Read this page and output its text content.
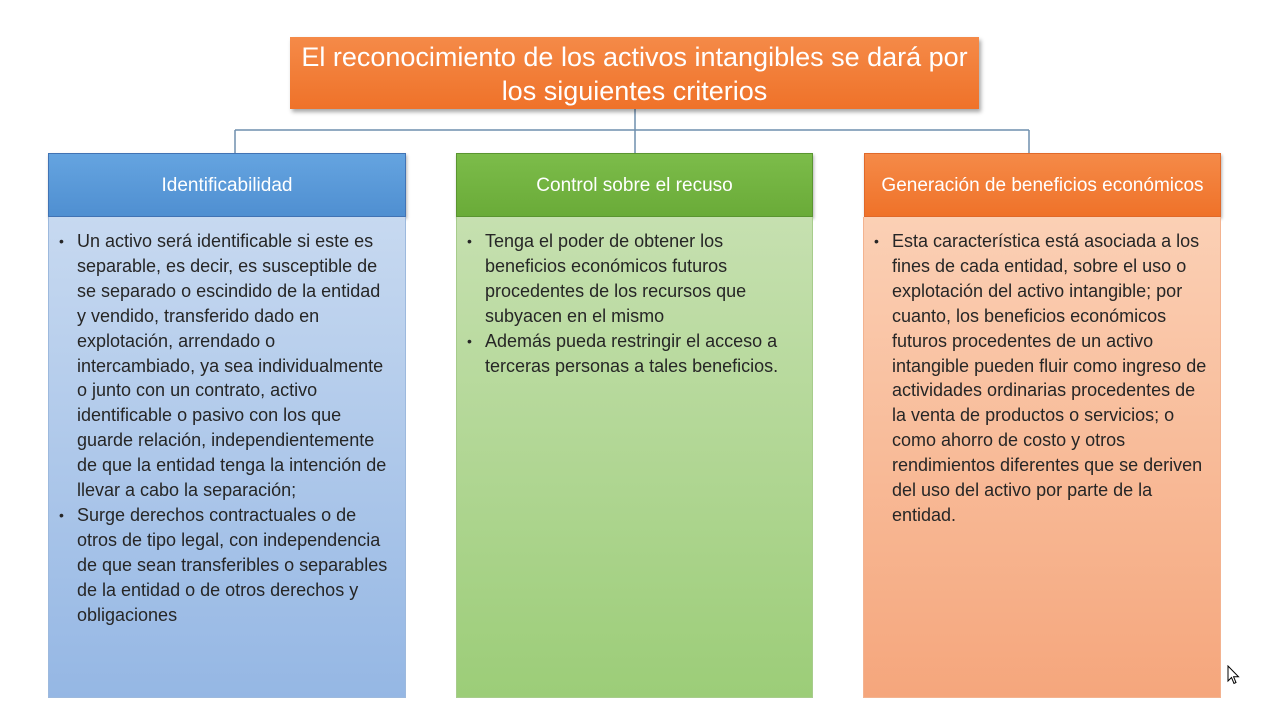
El reconocimiento de los activos intangibles se dará por los siguientes criterios
Identificabilidad
• Un activo será identificable si este es separable, es decir, es susceptible de se separado o escindido de la entidad y vendido, transferido dado en explotación, arrendado o intercambiado, ya sea individualmente o junto con un contrato, activo identificable o pasivo con los que guarde relación, independientemente de que la entidad tenga la intención de llevar a cabo la separación;
• Surge derechos contractuales o de otros de tipo legal, con independencia de que sean transferibles o separables de la entidad o de otros derechos y obligaciones
Control sobre el recuso
• Tenga el poder de obtener los beneficios económicos futuros procedentes de los recursos que subyacen en el mismo
• Además pueda restringir el acceso a terceras personas a tales beneficios.
Generación de beneficios económicos
• Esta característica está asociada a los fines de cada entidad, sobre el uso o explotación del activo intangible; por cuanto, los beneficios económicos futuros procedentes de un activo intangible pueden fluir como ingreso de actividades ordinarias procedentes de la venta de productos o servicios; o como ahorro de costo y otros rendimientos diferentes que se deriven del uso del activo por parte de la entidad.
